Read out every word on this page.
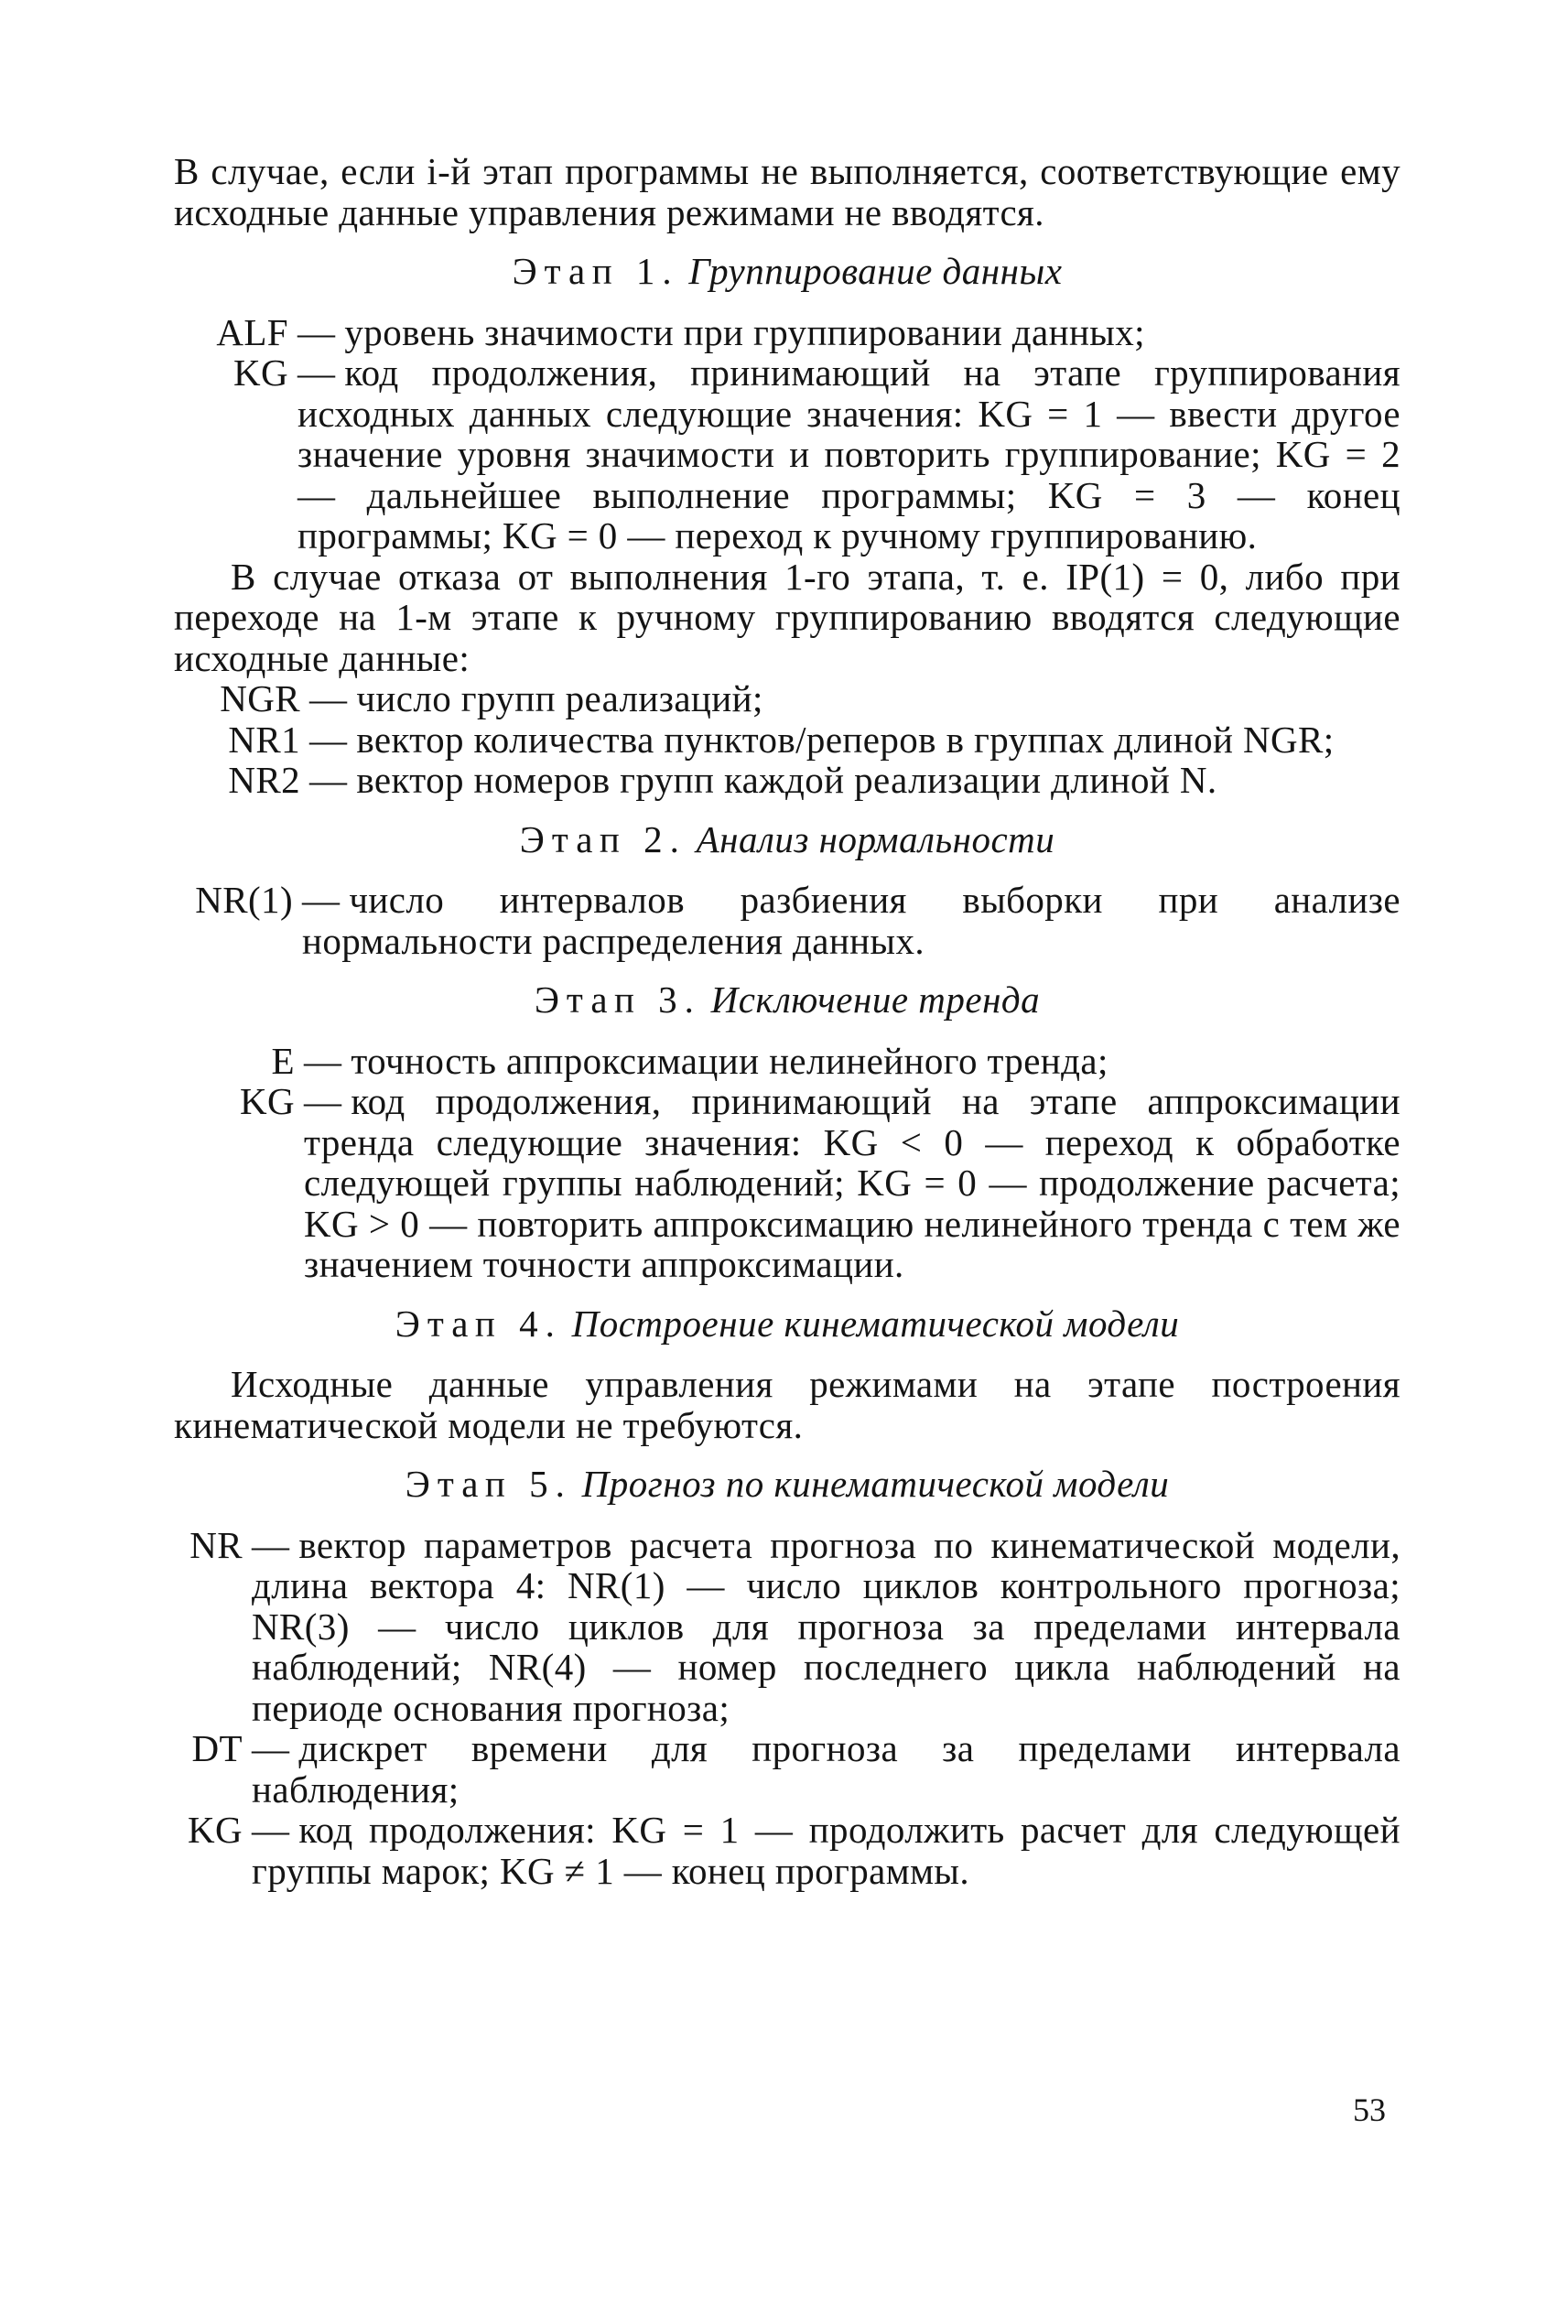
В случае, если i-й этап программы не выполняется, соответствующие ему исходные данные управления режимами не вводятся.

Этап 1. Группирование данных
ALF — уровень значимости при группировании данных;
KG — код продолжения, принимающий на этапе группирования исходных данных следующие значения: KG = 1 — ввести другое значение уровня значимости и повторить группирование; KG = 2 — дальнейшее выполнение программы; KG = 3 — конец программы; KG = 0 — переход к ручному группированию.

В случае отказа от выполнения 1-го этапа, т. е. IP(1) = 0, либо при переходе на 1-м этапе к ручному группированию вводятся следующие исходные данные:

NGR — число групп реализаций;
NR1 — вектор количества пунктов/реперов в группах длиной NGR;
NR2 — вектор номеров групп каждой реализации длиной N.
Этап 2. Анализ нормальности
NR(1) — число интервалов разбиения выборки при анализе нормальности распределения данных.
Этап 3. Исключение тренда
E — точность аппроксимации нелинейного тренда;
KG — код продолжения, принимающий на этапе аппроксимации тренда следующие значения: KG < 0 — переход к обработке следующей группы наблюдений; KG = 0 — продолжение расчета; KG > 0 — повторить аппроксимацию нелинейного тренда с тем же значением точности аппроксимации.
Этап 4. Построение кинематической модели

Исходные данные управления режимами на этапе построения кинематической модели не требуются.

Этап 5. Прогноз по кинематической модели
NR — вектор параметров расчета прогноза по кинематической модели, длина вектора 4: NR(1) — число циклов контрольного прогноза; NR(3) — число циклов для прогноза за пределами интервала наблюдений; NR(4) — номер последнего цикла наблюдений на периоде основания прогноза;
DT — дискрет времени для прогноза за пределами интервала наблюдения;
KG — код продолжения: KG = 1 — продолжить расчет для следующей группы марок; KG ≠ 1 — конец программы.
53
